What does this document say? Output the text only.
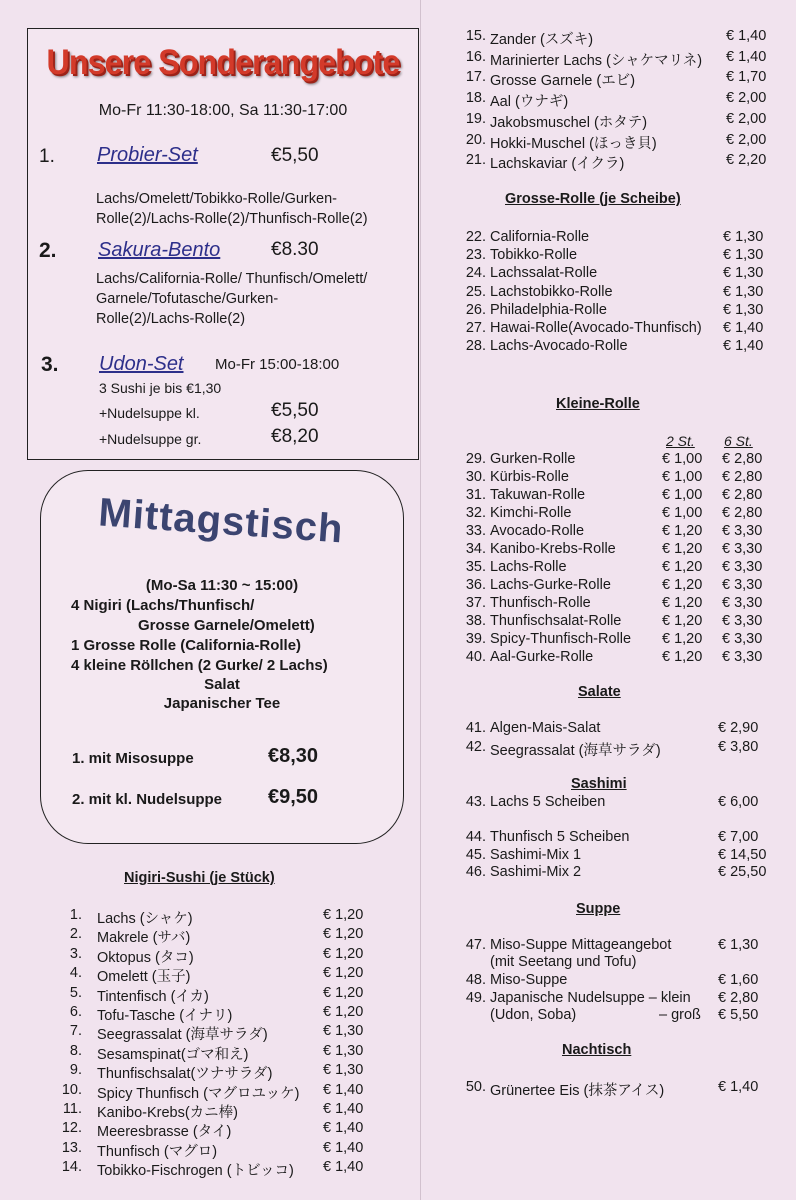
Unsere Sonderangebote
Mo-Fr 11:30-18:00, Sa 11:30-17:00
1. Probier-Set	€5,50
Lachs/Omelett/Tobikko-Rolle/Gurken-
Rolle(2)/Lachs-Rolle(2)/Thunfisch-Rolle(2)
2. Sakura-Bento	€8.30
Lachs/California-Rolle/ Thunfisch/Omelett/
Garnele/Tofutasche/Gurken-
Rolle(2)/Lachs-Rolle(2)
3. Udon-Set Mo-Fr 15:00-18:00
3 Sushi je bis €1,30
+Nudelsuppe kl.	€5,50
+Nudelsuppe gr.	€8,20
Mittagstisch
(Mo-Sa 11:30 ~ 15:00)
4 Nigiri (Lachs/Thunfisch/
Grosse Garnele/Omelett)
1 Grosse Rolle (California-Rolle)
4 kleine Röllchen (2 Gurke/ 2 Lachs)
Salat
Japanischer Tee
1. mit Misosuppe	€8,30
2. mit kl. Nudelsuppe €9,50
Nigiri-Sushi (je Stück)
1. Lachs (シャケ)	€ 1,20
2. Makrele (サバ)	€ 1,20
3. Oktopus (タコ)	€ 1,20
4. Omelett (玉子)	€ 1,20
5. Tintenfisch (イカ)	€ 1,20
6. Tofu-Tasche (イナリ)	€ 1,20
7. Seegrassalat (海草サラダ)	€ 1,30
8. Sesamspinat(ゴマ和え)	€ 1,30
9. Thunfischsalat(ツナサラダ)	€ 1,30
10. Spicy Thunfisch (マグロユッケ) € 1,40
11. Kanibo-Krebs(カニ棒)	€ 1,40
12. Meeresbrasse (タイ)	€ 1,40
13. Thunfisch (マグロ)	€ 1,40
14. Tobikko-Fischrogen (トビッコ) € 1,40
15. Zander (スズキ)	€ 1,40
16. Marinierter Lachs (シャケマリネ) € 1,40
17. Grosse Garnele (エビ)	€ 1,70
18. Aal (ウナギ)	€ 2,00
19. Jakobsmuschel (ホタテ)	€ 2,00
20. Hokki-Muschel (ほっき貝)	€ 2,00
21. Lachskaviar (イクラ)	€ 2,20
Grosse-Rolle (je Scheibe)
22. California-Rolle	€ 1,30
23. Tobikko-Rolle	€ 1,30
24. Lachssalat-Rolle	€ 1,30
25. Lachstobikko-Rolle	€ 1,30
26. Philadelphia-Rolle	€ 1,30
27. Hawai-Rolle(Avocado-Thunfisch) € 1,40
28. Lachs-Avocado-Rolle	€ 1,40
Kleine-Rolle
2 St. 6 St.
29. Gurken-Rolle	€ 1,00 € 2,80
30. Kürbis-Rolle	€ 1,00 € 2,80
31. Takuwan-Rolle	€ 1,00 € 2,80
32. Kimchi-Rolle	€ 1,00 € 2,80
33. Avocado-Rolle	€ 1,20 € 3,30
34. Kanibo-Krebs-Rolle	€ 1,20 € 3,30
35. Lachs-Rolle	€ 1,20 € 3,30
36. Lachs-Gurke-Rolle	€ 1,20 € 3,30
37. Thunfisch-Rolle	€ 1,20 € 3,30
38. Thunfischsalat-Rolle	€ 1,20 € 3,30
39. Spicy-Thunfisch-Rolle € 1,20 € 3,30
40. Aal-Gurke-Rolle	€ 1,20 € 3,30
Salate
41. Algen-Mais-Salat	€ 2,90
42. Seegrassalat (海草サラダ)	€ 3,80
Sashimi
43. Lachs 5 Scheiben	€ 6,00
44. Thunfisch 5 Scheiben	€ 7,00
45. Sashimi-Mix 1	€ 14,50
46. Sashimi-Mix 2	€ 25,50
Suppe
47. Miso-Suppe Mittageangebot	€ 1,30
(mit Seetang und Tofu)
48. Miso-Suppe	€ 1,60
49. Japanische Nudelsuppe – klein € 2,80
(Udon, Soba)	– groß € 5,50
Nachtisch
50. Grünertee Eis (抹茶アイス)	€ 1,40
